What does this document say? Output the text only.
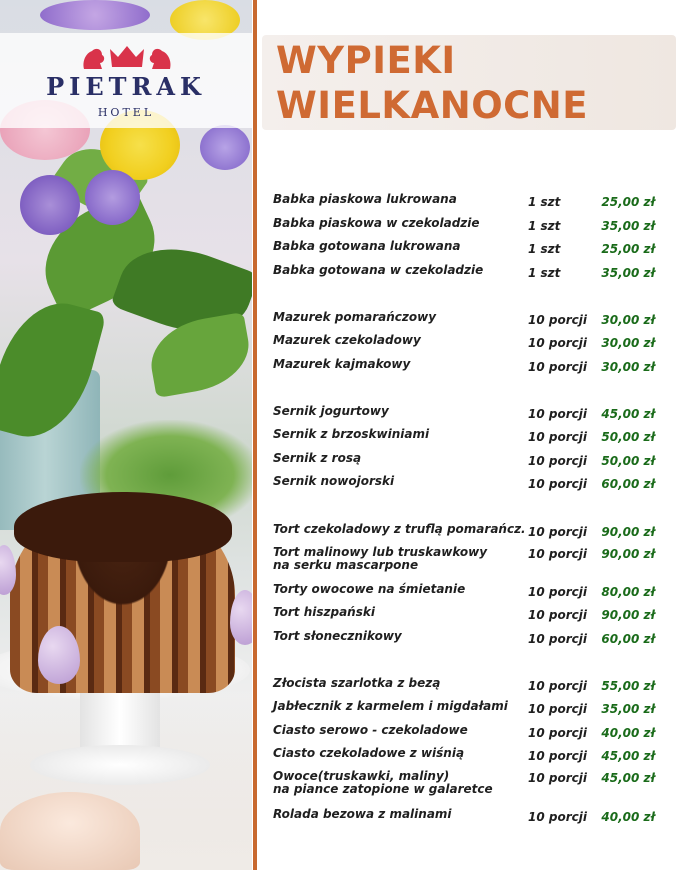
PIETRAK
HOTEL
WYPIEKI
WIELKANOCNE
Babka piaskowa lukrowana	1 szt	25,00 zł
Babka piaskowa w czekoladzie	1 szt	35,00 zł
Babka gotowana lukrowana	1 szt	25,00 zł
Babka gotowana w czekoladzie	1 szt	35,00 zł
Mazurek pomarańczowy	10 porcji	30,00 zł
Mazurek czekoladowy	10 porcji	30,00 zł
Mazurek kajmakowy	10 porcji	30,00 zł
Sernik jogurtowy	10 porcji	45,00 zł
Sernik z brzoskwiniami	10 porcji	50,00 zł
Sernik z rosą	10 porcji	50,00 zł
Sernik nowojorski	10 porcji	60,00 zł
Tort czekoladowy z truflą pomarańcz. 10 porcji	90,00 zł
Tort malinowy lub truskawkowy
na serku mascarpone
10 porcji	90,00 zł
Torty owocowe na śmietanie	10 porcji	80,00 zł
Tort hiszpański	10 porcji	90,00 zł
Tort słonecznikowy	10 porcji	60,00 zł
Złocista szarlotka z bezą	10 porcji	55,00 zł
Jabłecznik z karmelem i migdałami	10 porcji	35,00 zł
Ciasto serowo - czekoladowe	10 porcji	40,00 zł
Ciasto czekoladowe z wiśnią	10 porcji	45,00 zł
Owoce(truskawki, maliny)
na piance zatopione w galaretce
10 porcji	45,00 zł
Rolada bezowa z malinami	10 porcji	40,00 zł
